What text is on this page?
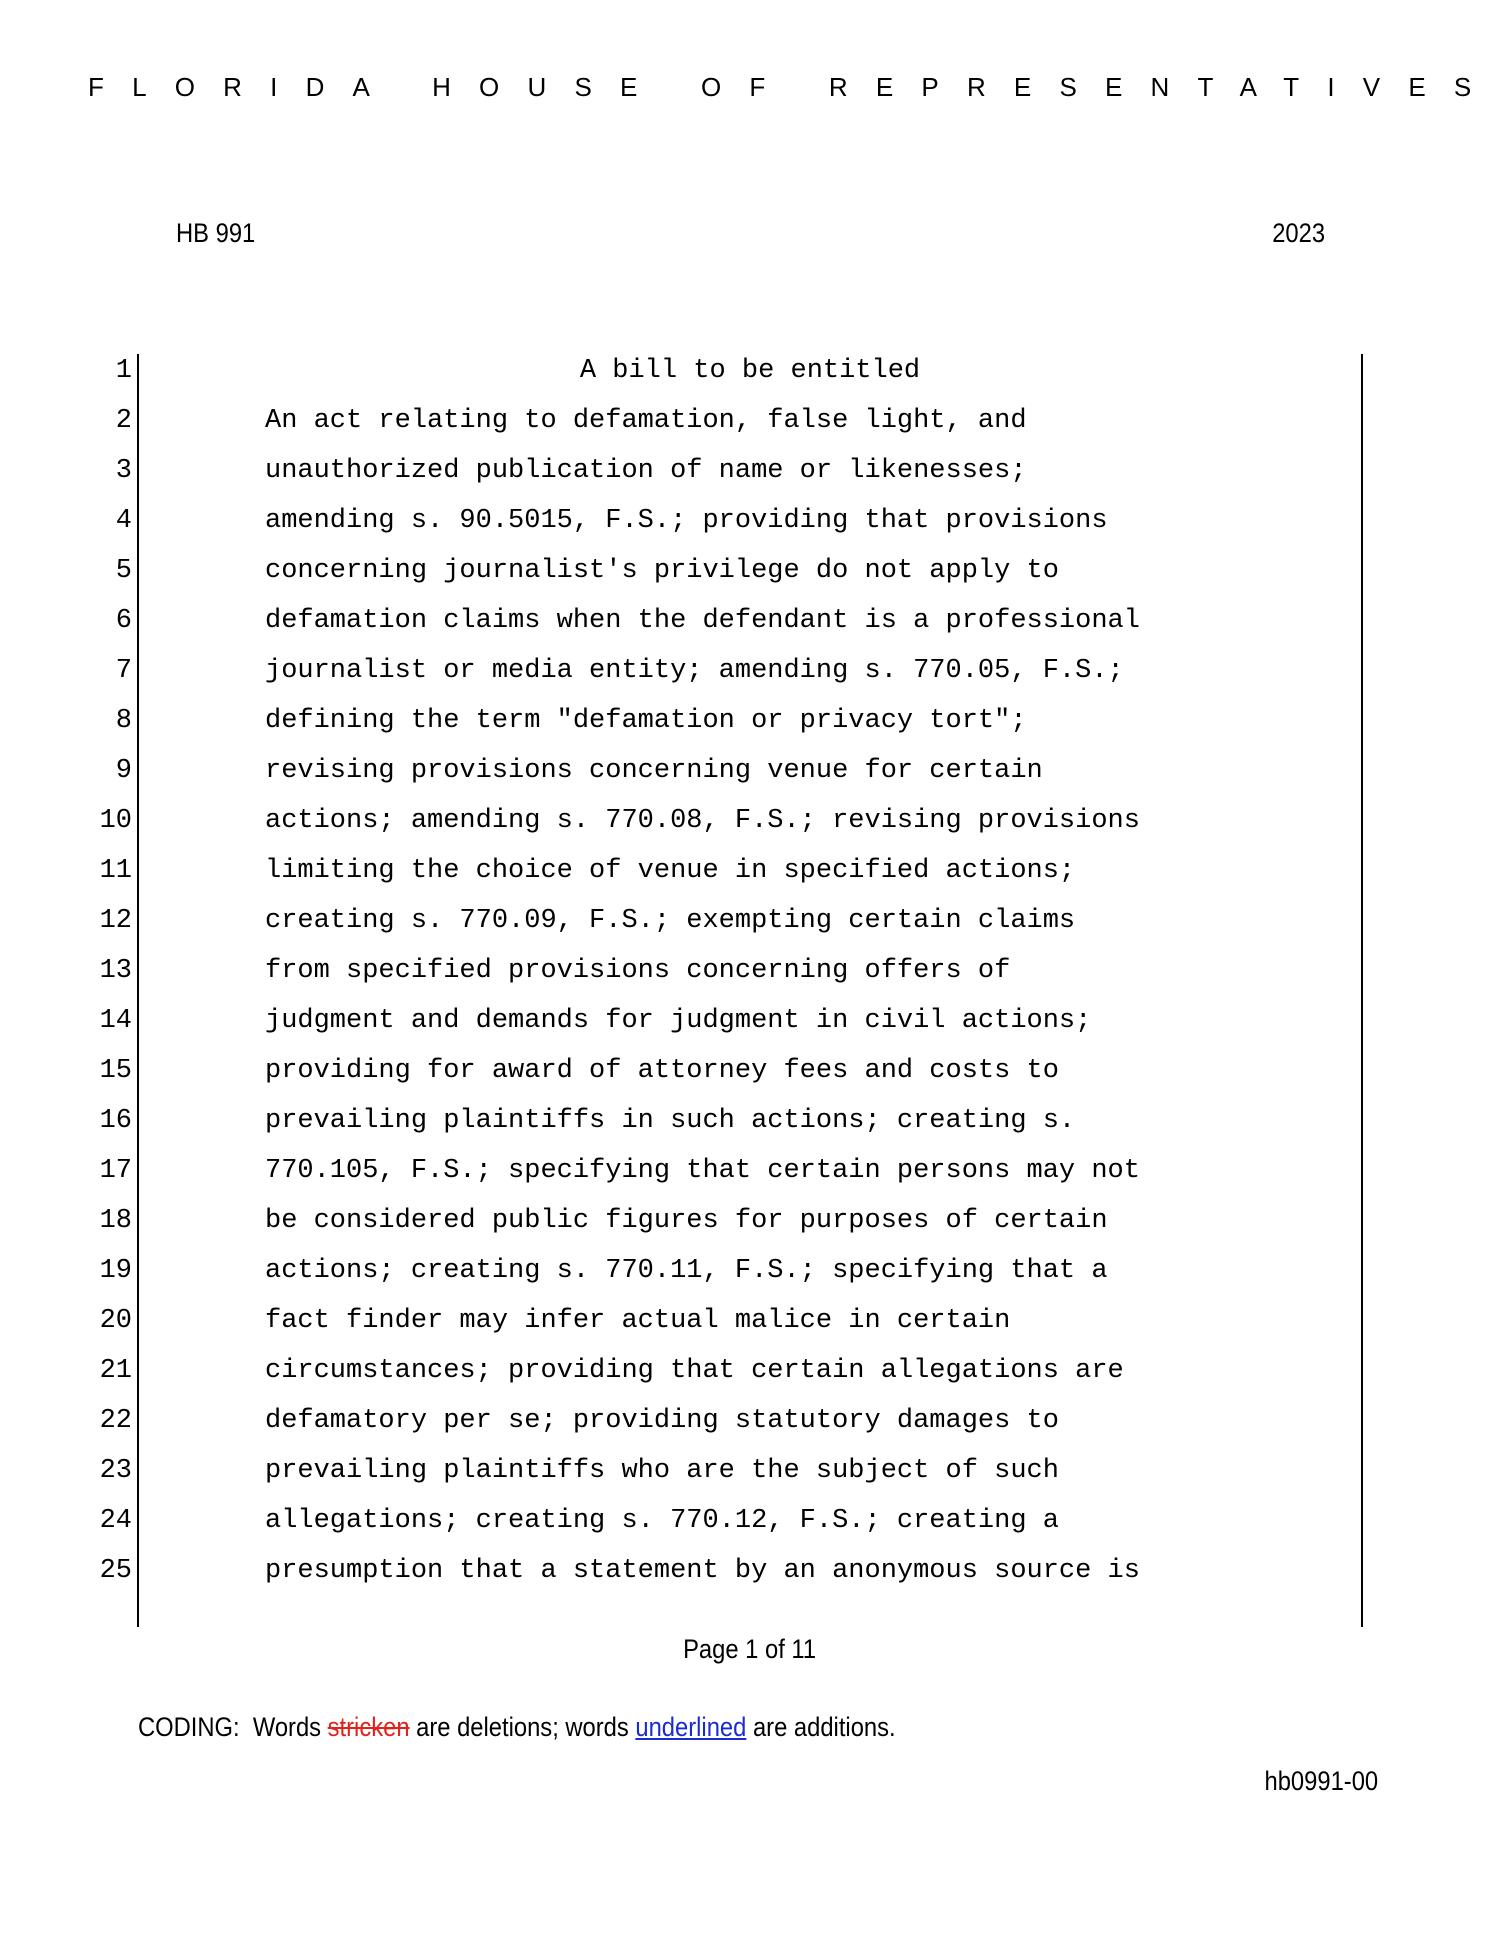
FLORIDA HOUSE OF REPRESENTATIVES
HB 991	2023
1	A bill to be entitled
2	An act relating to defamation, false light, and
3	unauthorized publication of name or likenesses;
4	amending s. 90.5015, F.S.; providing that provisions
5	concerning journalist's privilege do not apply to
6	defamation claims when the defendant is a professional
7	journalist or media entity; amending s. 770.05, F.S.;
8	defining the term "defamation or privacy tort";
9	revising provisions concerning venue for certain
10	actions; amending s. 770.08, F.S.; revising provisions
11	limiting the choice of venue in specified actions;
12	creating s. 770.09, F.S.; exempting certain claims
13	from specified provisions concerning offers of
14	judgment and demands for judgment in civil actions;
15	providing for award of attorney fees and costs to
16	prevailing plaintiffs in such actions; creating s.
17	770.105, F.S.; specifying that certain persons may not
18	be considered public figures for purposes of certain
19	actions; creating s. 770.11, F.S.; specifying that a
20	fact finder may infer actual malice in certain
21	circumstances; providing that certain allegations are
22	defamatory per se; providing statutory damages to
23	prevailing plaintiffs who are the subject of such
24	allegations; creating s. 770.12, F.S.; creating a
25	presumption that a statement by an anonymous source is
Page 1 of 11
CODING:  Words stricken are deletions; words underlined are additions.
hb0991-00
